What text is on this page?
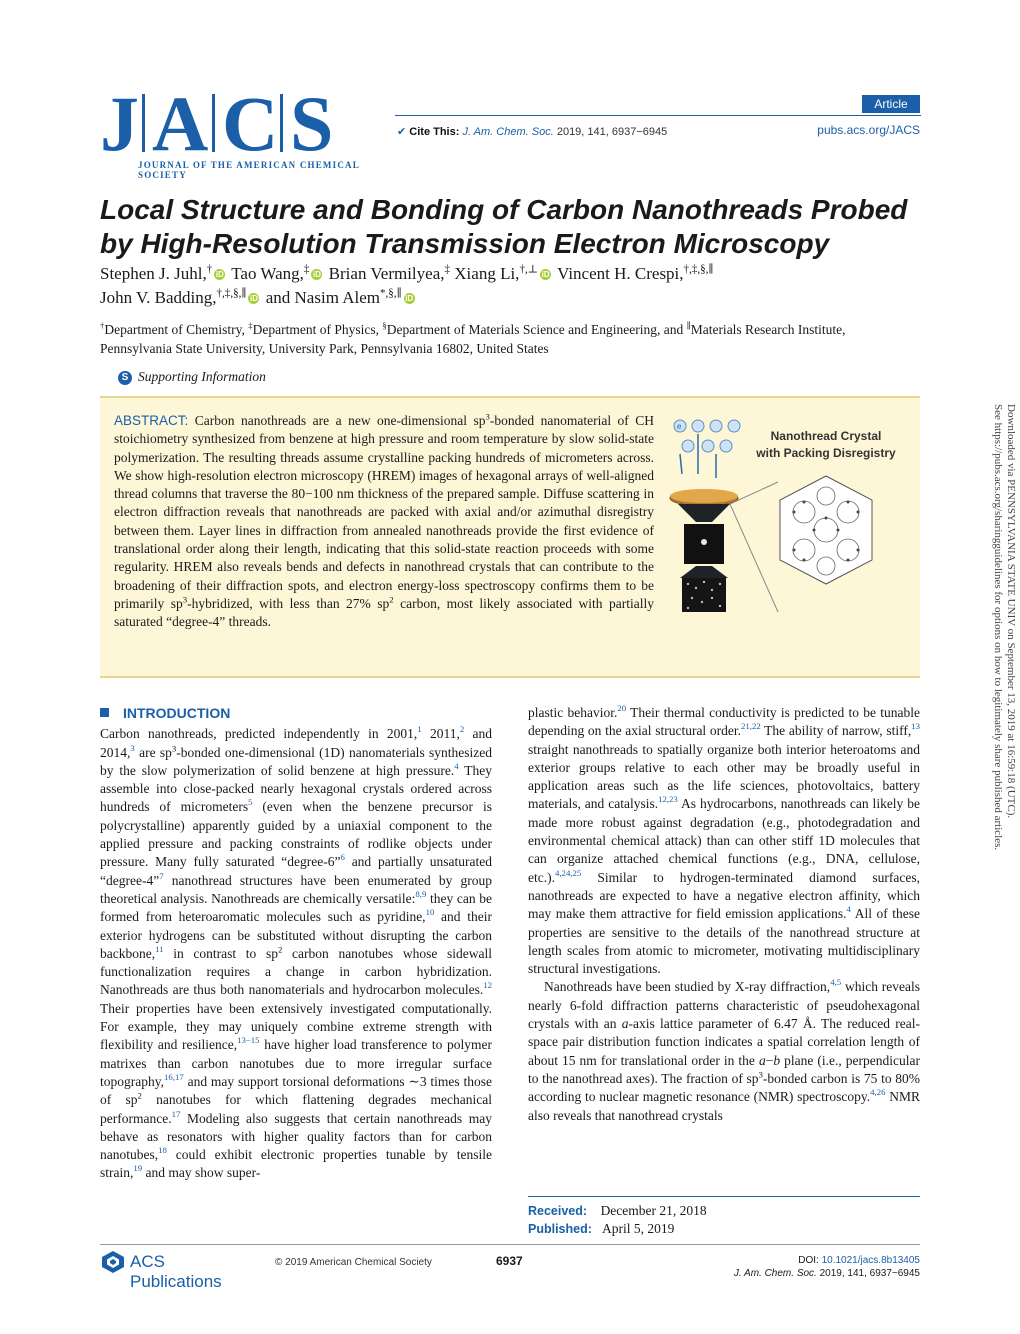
J A C S
JOURNAL OF THE AMERICAN CHEMICAL SOCIETY
Article
✔ Cite This: J. Am. Chem. Soc. 2019, 141, 6937−6945	pubs.acs.org/JACS
Local Structure and Bonding of Carbon Nanothreads Probed by High-Resolution Transmission Electron Microscopy
Stephen J. Juhl,† iD Tao Wang,‡ iD Brian Vermilyea,‡ Xiang Li,†,⊥ iD Vincent H. Crespi,†,‡,§,∥
John V. Badding,†,‡,§,∥ iD and Nasim Alem*,§,∥ iD
†Department of Chemistry, ‡Department of Physics, §Department of Materials Science and Engineering, and ∥Materials Research Institute, Pennsylvania State University, University Park, Pennsylvania 16802, United States
S Supporting Information
ABSTRACT: Carbon nanothreads are a new one-dimensional $sp^3$-bonded nanomaterial of CH stoichiometry synthesized from benzene at high pressure and room temperature by slow solid-state polymerization. The resulting threads assume crystalline packing hundreds of micrometers across. We show high-resolution electron microscopy (HREM) images of hexagonal arrays of well-aligned thread columns that traverse the 80−100 nm thickness of the prepared sample. Diffuse scattering in electron diffraction reveals that nanothreads are packed with axial and/or azimuthal disregistry between them. Layer lines in diffraction from annealed nanothreads provide the first evidence of translational order along their length, indicating that this solid-state reaction proceeds with some regularity. HREM also reveals bends and defects in nanothread crystals that can contribute to the broadening of their diffraction spots, and electron energy-loss spectroscopy confirms them to be primarily $sp^3$-hybridized, with less than 27% $sp^2$ carbon, most likely associated with partially saturated “degree-4” threads.
e
Nanothread Crystal
with Packing Disregistry	Downloaded via PENNSYLVANIA STATE UNIV on September 13, 2019 at 16:59:18 (UTC).
See https://pubs.acs.org/sharingguidelines for options on how to legitimately share published articles.
INTRODUCTION

Carbon nanothreads, predicted independently in 2001,$^1$ 2011,$^2$ and 2014,$^3$ are $sp^3$-bonded one-dimensional (1D) nanomaterials synthesized by the slow polymerization of solid benzene at high pressure.$^4$ They assemble into close-packed nearly hexagonal crystals ordered across hundreds of micrometers$^5$ (even when the benzene precursor is polycrystalline) apparently guided by a uniaxial component to the applied pressure and packing constraints of rodlike objects under pressure. Many fully saturated “degree-6”$^6$ and partially unsaturated “degree-4”$^7$ nanothread structures have been enumerated by group theoretical analysis. Nanothreads are chemically versatile:$^{8,9}$ they can be formed from heteroaromatic molecules such as pyridine,$^{10}$ and their exterior hydrogens can be substituted without disrupting the carbon backbone,$^{11}$ in contrast to $sp^2$ carbon nanotubes whose sidewall functionalization requires a change in carbon hybridization. Nanothreads are thus both nanomaterials and hydrocarbon molecules.$^{12}$ Their properties have been extensively investigated computationally. For example, they may uniquely combine extreme strength with flexibility and resilience,$^{13-15}$ have higher load transference to polymer matrixes than carbon nanotubes due to more irregular surface topography,$^{16,17}$ and may support torsional deformations ∼3 times those of $sp^2$ nanotubes for which flattening degrades mechanical performance.$^{17}$ Modeling also suggests that certain nanothreads may behave as resonators with higher quality factors than for carbon nanotubes,$^{18}$ could exhibit electronic properties tunable by tensile strain,$^{19}$ and may show super-

plastic behavior.$^{20}$ Their thermal conductivity is predicted to be tunable depending on the axial structural order.$^{21,22}$ The ability of narrow, stiff,$^{13}$ straight nanothreads to spatially organize both interior heteroatoms and exterior groups relative to each other may be broadly useful in application areas such as the life sciences, photovoltaics, battery materials, and catalysis.$^{12,23}$ As hydrocarbons, nanothreads can likely be made more robust against degradation (e.g., photodegradation and environmental chemical attack) than can other stiff 1D molecules that can organize attached chemical functions (e.g., DNA, cellulose, etc.).$^{4,24,25}$ Similar to hydrogen-terminated diamond surfaces, nanothreads are expected to have a negative electron affinity, which may make them attractive for field emission applications.$^4$ All of these properties are sensitive to the details of the nanothread structure at length scales from atomic to micrometer, motivating multidisciplinary structural investigations.

Nanothreads have been studied by X-ray diffraction,$^{4,5}$ which reveals nearly 6-fold diffraction patterns characteristic of pseudohexagonal crystals with an a-axis lattice parameter of 6.47 Å. The reduced real-space pair distribution function indicates a spatial correlation length of about 15 nm for translational order in the a−b plane (i.e., perpendicular to the nanothread axes). The fraction of $sp^3$-bonded carbon is 75 to 80% according to nuclear magnetic resonance (NMR) spectroscopy.$^{4,26}$ NMR also reveals that nanothread crystals

Received: December 21, 2018
Published: April 5, 2019
ACS Publications
© 2019 American Chemical Society	6937	DOI: 10.1021/jacs.8b13405
J. Am. Chem. Soc. 2019, 141, 6937−6945
